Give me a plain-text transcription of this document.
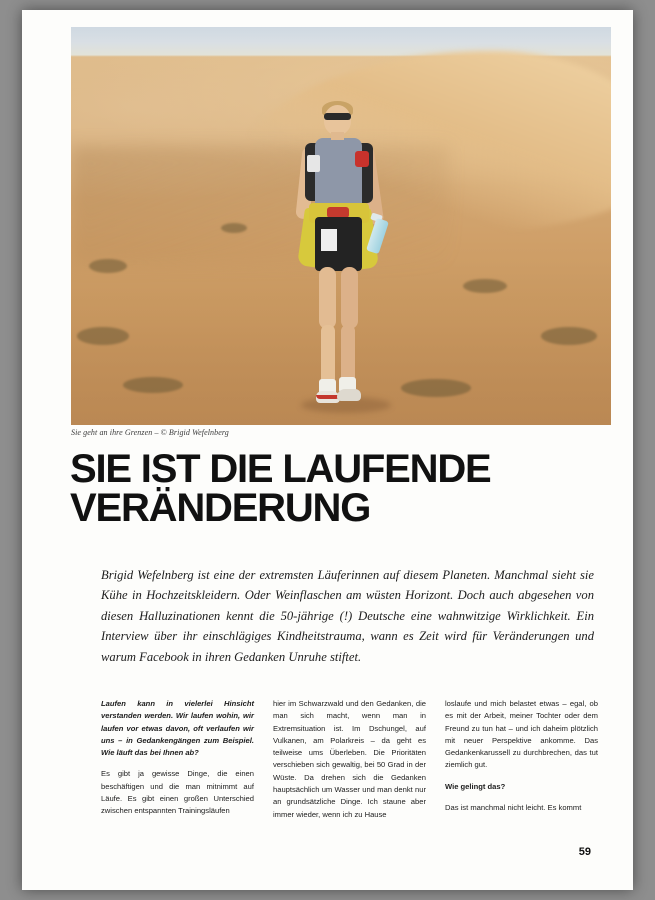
Sie geht an ihre Grenzen – © Brigid Wefelnberg
SIE IST DIE LAUFENDE
VERÄNDERUNG
Brigid Wefelnberg ist eine der extremsten Läuferinnen auf diesem Planeten. Manchmal sieht sie Kühe in Hochzeitskleidern. Oder Weinflaschen am wüsten Horizont. Doch auch abgesehen von diesen Halluzinationen kennt die 50-jährige (!) Deutsche eine wahnwitzige Wirklichkeit. Ein Interview über ihr einschlägiges Kindheitstrauma, wann es Zeit wird für Veränderungen und warum Facebook in ihren Gedanken Unruhe stiftet.

Laufen kann in vielerlei Hinsicht verstanden werden. Wir laufen wohin, wir laufen vor etwas davon, oft verlaufen wir uns – in Gedankengängen zum Beispiel. Wie läuft das bei Ihnen ab?

Es gibt ja gewisse Dinge, die einen beschäftigen und die man mitnimmt auf Läufe. Es gibt einen großen Unterschied zwischen entspannten Trainingsläufen

hier im Schwarzwald und den Gedanken, die man sich macht, wenn man in Extremsituation ist. Im Dschungel, auf Vulkanen, am Polarkreis – da geht es teilweise ums Überleben. Die Prioritäten verschieben sich gewaltig, bei 50 Grad in der Wüste. Da drehen sich die Gedanken hauptsächlich um Wasser und man denkt nur an grundsätzliche Dinge. Ich staune aber immer wieder, wenn ich zu Hause

loslaufe und mich belastet etwas – egal, ob es mit der Arbeit, meiner Tochter oder dem Freund zu tun hat – und ich daheim plötzlich mit neuer Perspektive ankomme. Das Gedankenkarussell zu durchbrechen, das tut ziemlich gut.

Wie gelingt das?

Das ist manchmal nicht leicht. Es kommt

59
